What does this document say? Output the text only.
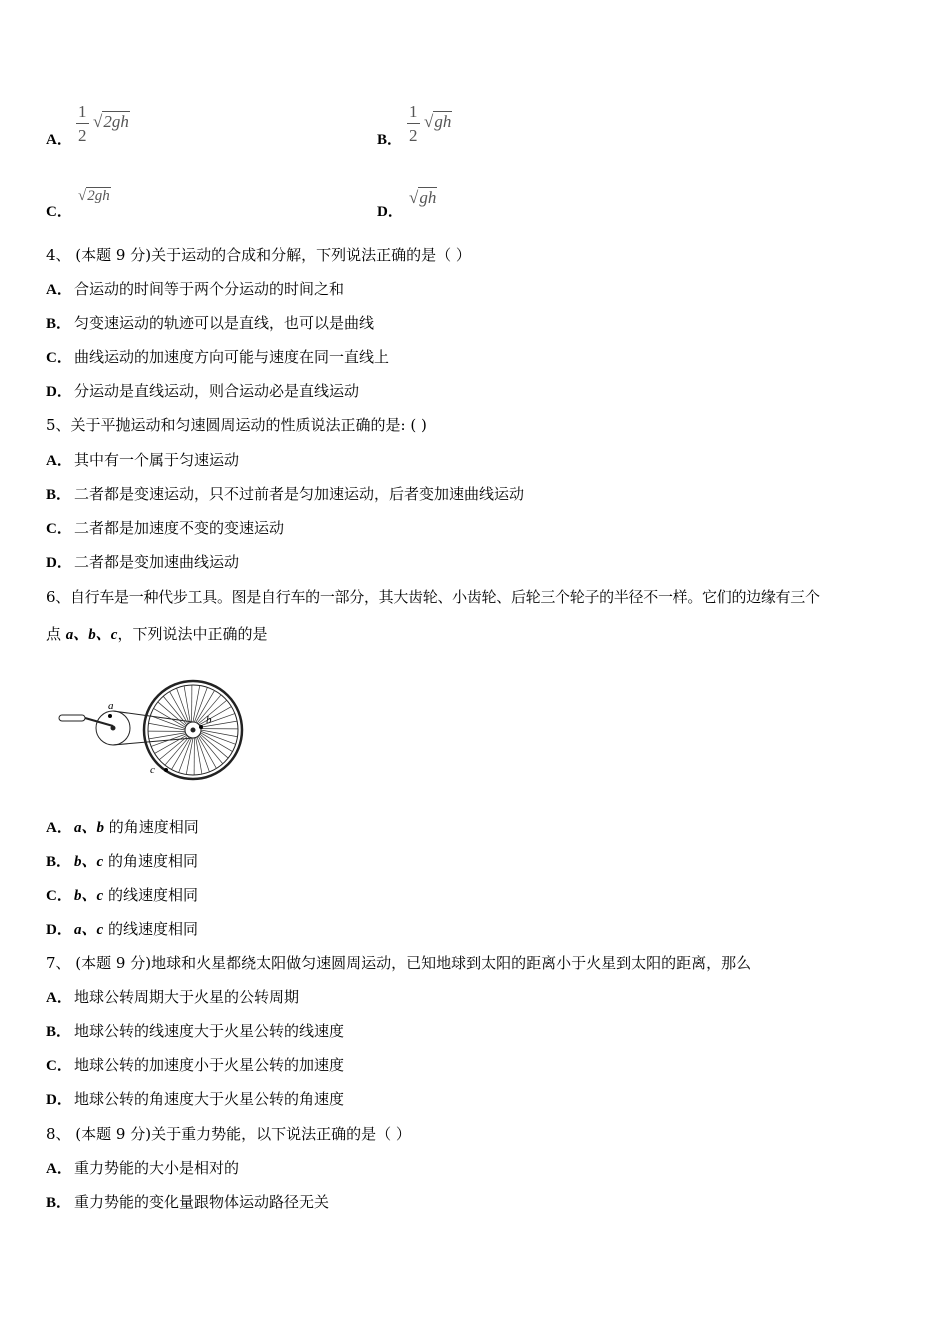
A．
1
2
√2gh
B．
1
2
√gh
C．
√2gh
D．
√gh
4、 (本题 9 分)关于运动的合成和分解，下列说法正确的是（ ）
A． 合运动的时间等于两个分运动的时间之和
B． 匀变速运动的轨迹可以是直线，也可以是曲线
C． 曲线运动的加速度方向可能与速度在同一直线上
D． 分运动是直线运动，则合运动必是直线运动
5、关于平抛运动和匀速圆周运动的性质说法正确的是: ( )
A． 其中有一个属于匀速运动
B． 二者都是变速运动，只不过前者是匀加速运动，后者变加速曲线运动
C． 二者都是加速度不变的变速运动
D． 二者都是变加速曲线运动
6、自行车是一种代步工具。图是自行车的一部分，其大齿轮、小齿轮、后轮三个轮子的半径不一样。它们的边缘有三个
点 a、b、c，下列说法中正确的是
a
b
c
A． a、b 的角速度相同
B． b、c 的角速度相同
C． b、c 的线速度相同
D． a、c 的线速度相同
7、 (本题 9 分)地球和火星都绕太阳做匀速圆周运动，已知地球到太阳的距离小于火星到太阳的距离，那么
A． 地球公转周期大于火星的公转周期
B． 地球公转的线速度大于火星公转的线速度
C． 地球公转的加速度小于火星公转的加速度
D． 地球公转的角速度大于火星公转的角速度
8、 (本题 9 分)关于重力势能，以下说法正确的是（ ）
A． 重力势能的大小是相对的
B． 重力势能的变化量跟物体运动路径无关
